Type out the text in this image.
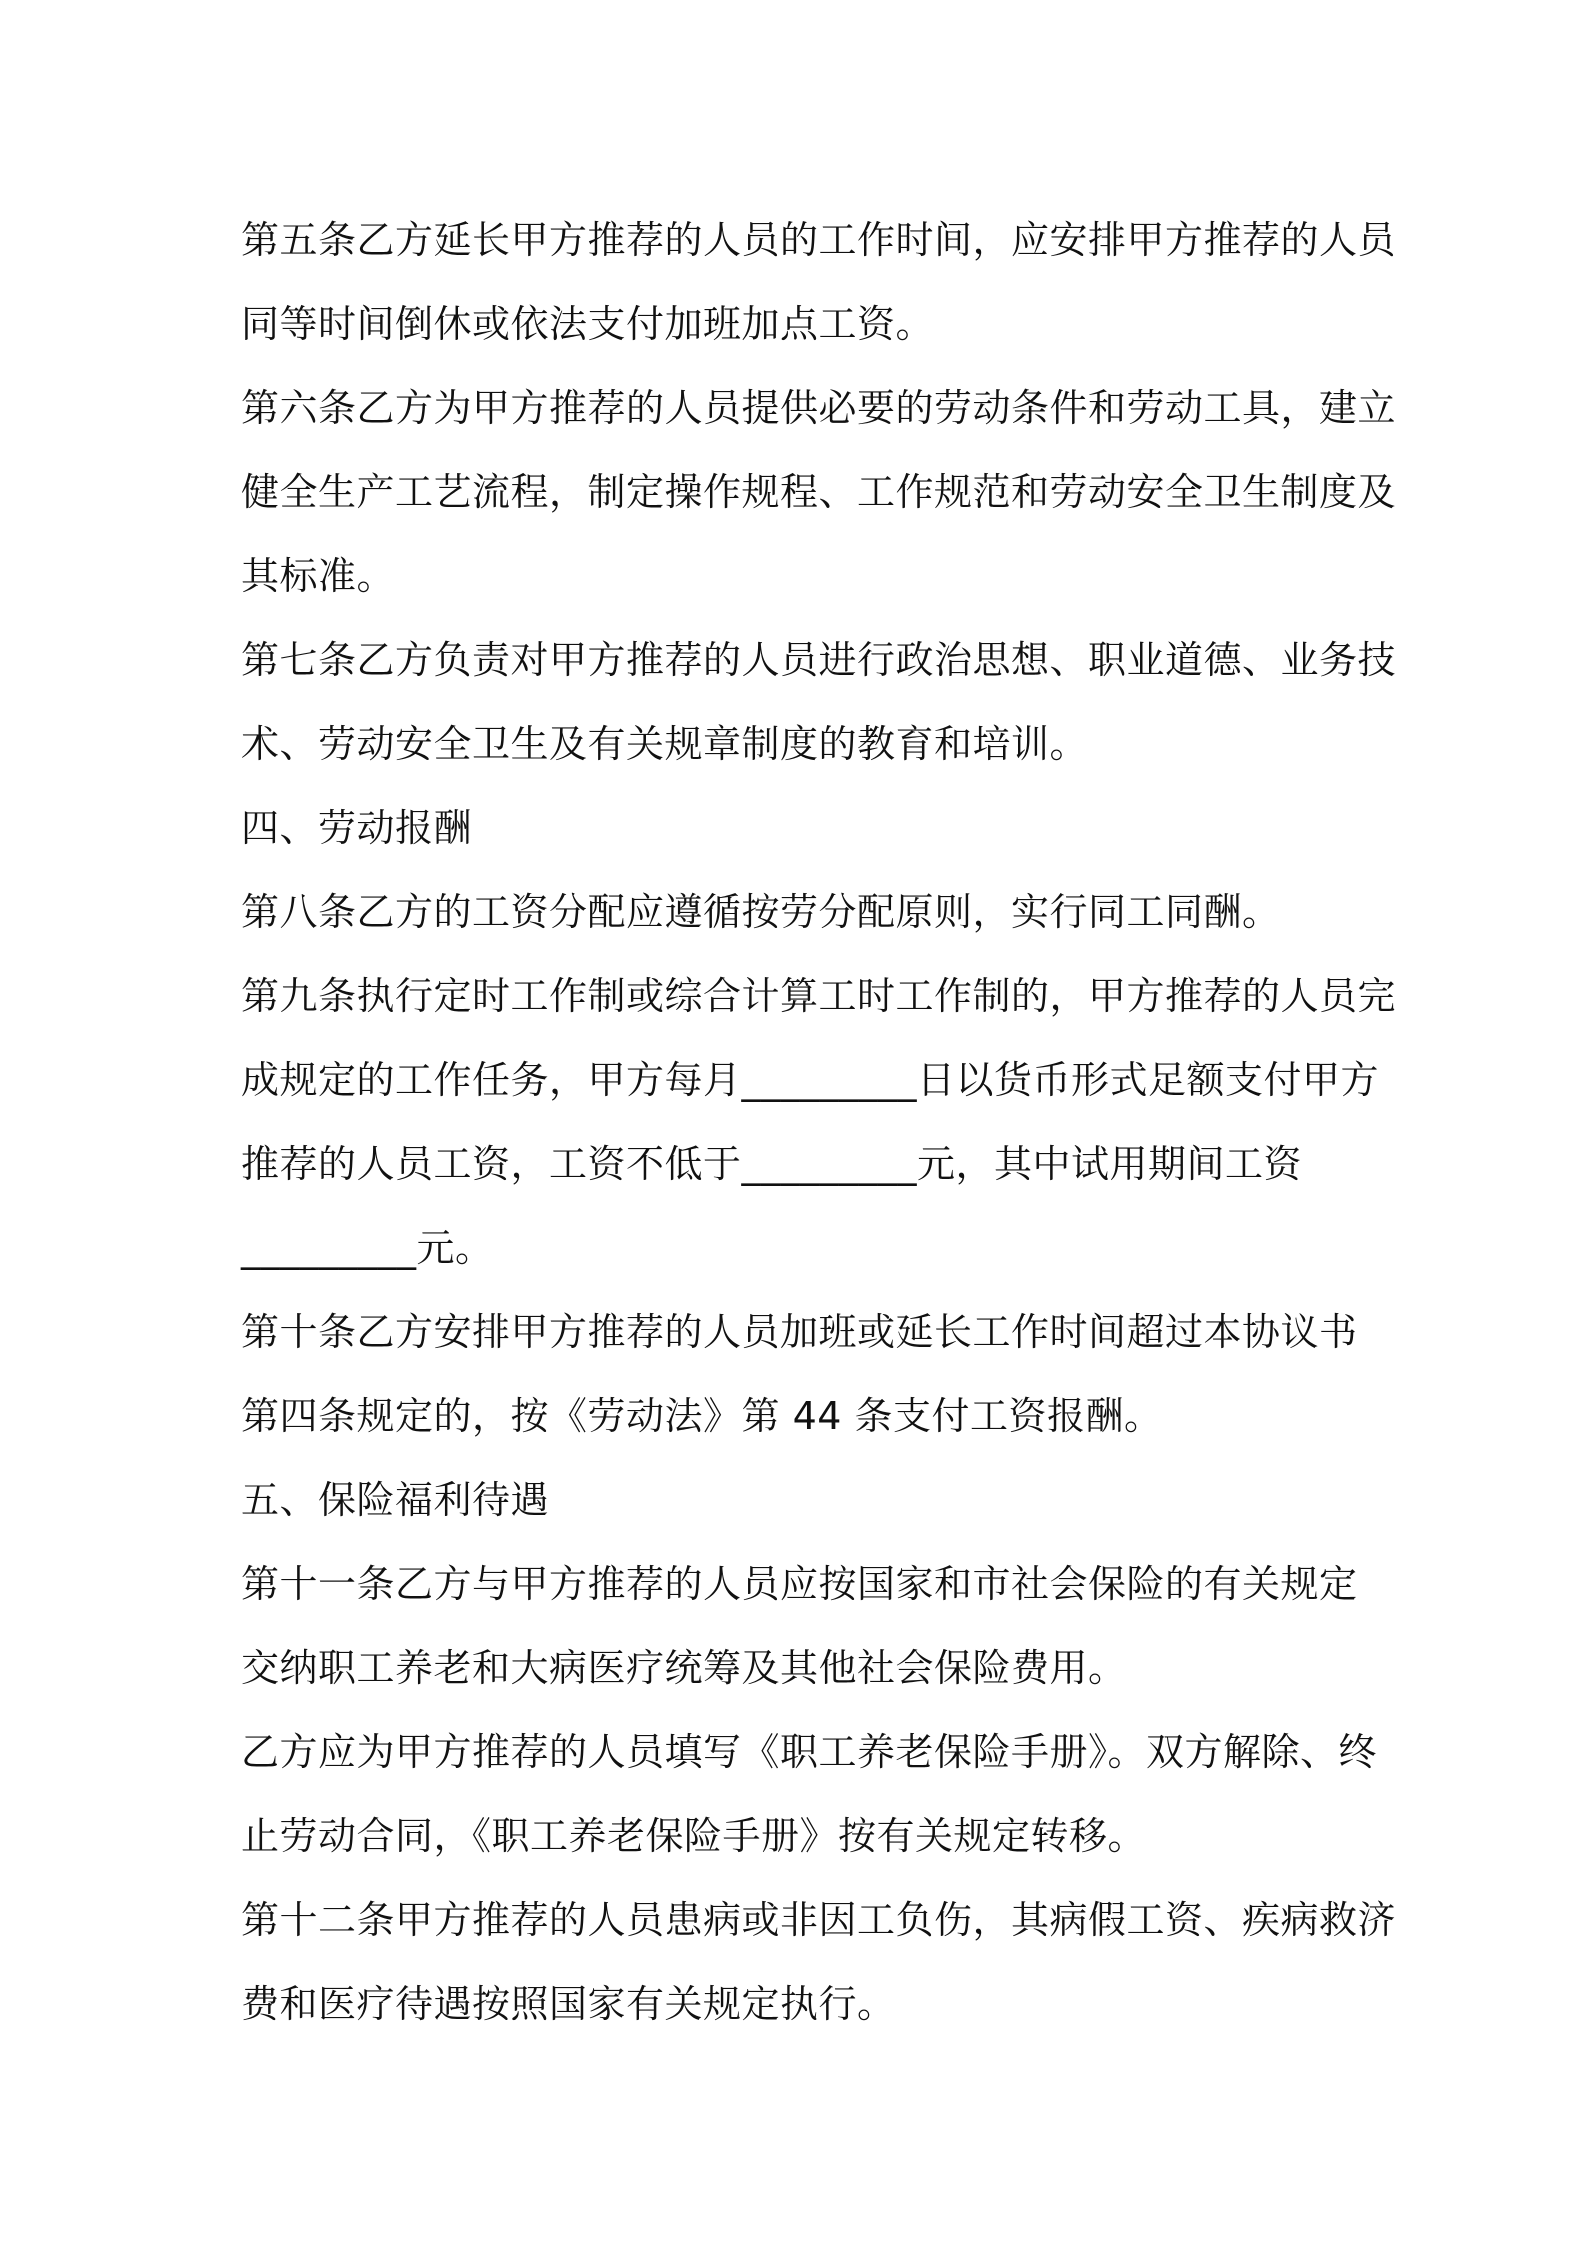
第五条乙方延长甲方推荐的人员的工作时间，应安排甲方推荐的人员
同等时间倒休或依法支付加班加点工资。
第六条乙方为甲方推荐的人员提供必要的劳动条件和劳动工具，建立
健全生产工艺流程，制定操作规程、工作规范和劳动安全卫生制度及
其标准。
第七条乙方负责对甲方推荐的人员进行政治思想、职业道德、业务技
术、劳动安全卫生及有关规章制度的教育和培训。
四、劳动报酬
第八条乙方的工资分配应遵循按劳分配原则，实行同工同酬。
第九条执行定时工作制或综合计算工时工作制的，甲方推荐的人员完
成规定的工作任务，甲方每月_________日以货币形式足额支付甲方
推荐的人员工资，工资不低于_________元，其中试用期间工资
_________元。
第十条乙方安排甲方推荐的人员加班或延长工作时间超过本协议书
第四条规定的，按《劳动法》第 44 条支付工资报酬。
五、保险福利待遇
第十一条乙方与甲方推荐的人员应按国家和市社会保险的有关规定
交纳职工养老和大病医疗统筹及其他社会保险费用。
乙方应为甲方推荐的人员填写《职工养老保险手册》。双方解除、终
止劳动合同，《职工养老保险手册》按有关规定转移。
第十二条甲方推荐的人员患病或非因工负伤，其病假工资、疾病救济
费和医疗待遇按照国家有关规定执行。
